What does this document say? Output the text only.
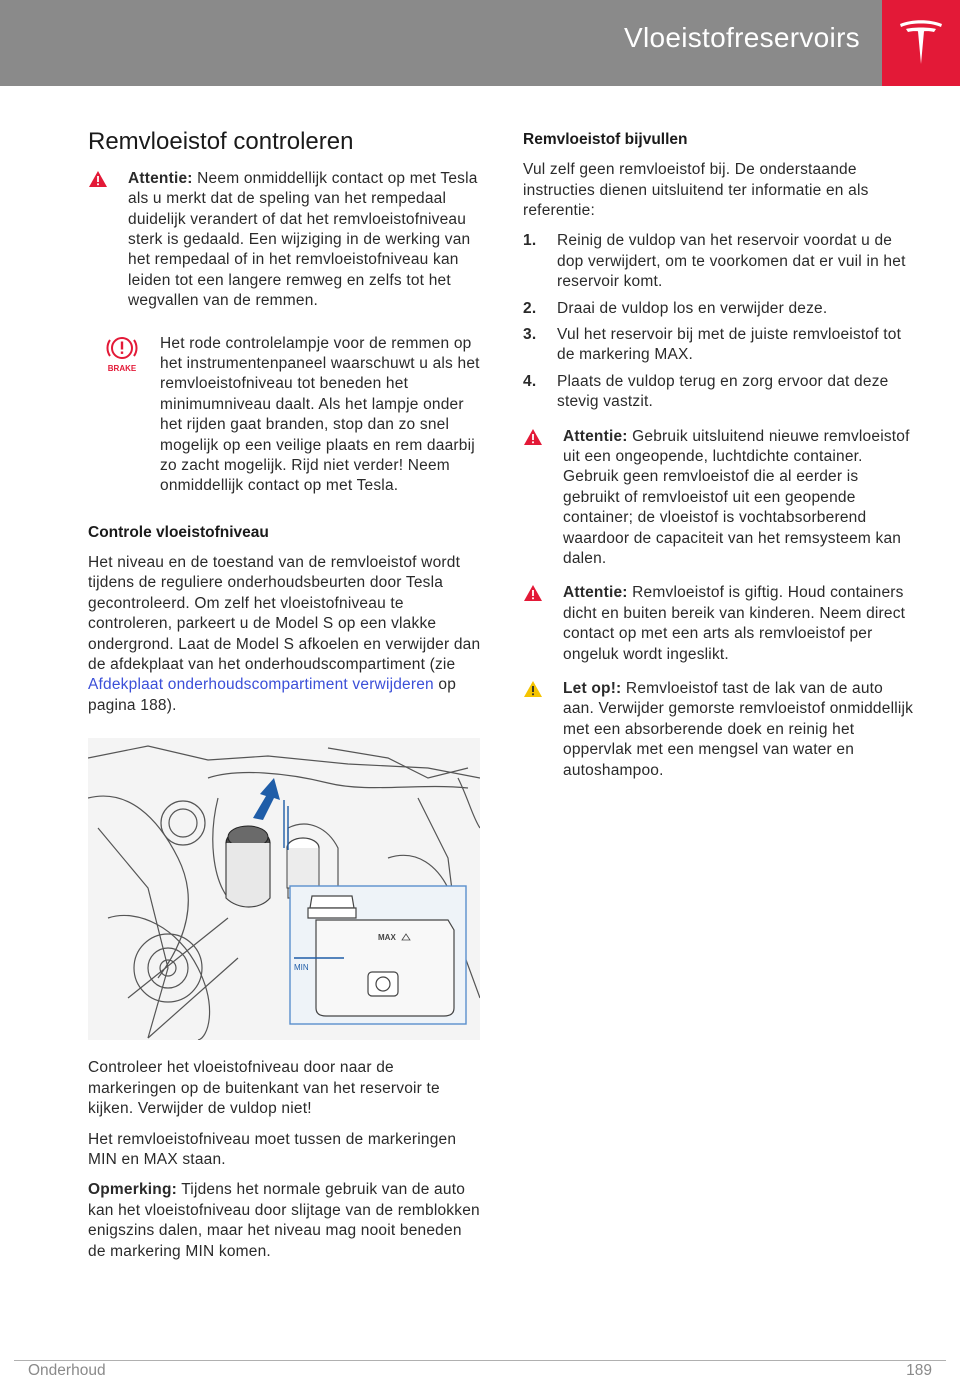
Vloeistofreservoirs
Remvloeistof controleren

Attentie: Neem onmiddellijk contact op met Tesla als u merkt dat de speling van het rempedaal duidelijk verandert of dat het remvloeistofniveau sterk is gedaald. Een wijziging in de werking van het rempedaal of in het remvloeistofniveau kan leiden tot een langere remweg en zelfs tot het wegvallen van de remmen.

BRAKE

Het rode controlelampje voor de remmen op het instrumentenpaneel waarschuwt u als het remvloeistofniveau tot beneden het minimumniveau daalt. Als het lampje onder het rijden gaat branden, stop dan zo snel mogelijk op een veilige plaats en rem daarbij zo zacht mogelijk. Rijd niet verder! Neem onmiddellijk contact op met Tesla.

Controle vloeistofniveau

Het niveau en de toestand van de remvloeistof wordt tijdens de reguliere onderhoudsbeurten door Tesla gecontroleerd. Om zelf het vloeistofniveau te controleren, parkeert u de Model S op een vlakke ondergrond. Laat de Model S afkoelen en verwijder dan de afdekplaat van het onderhoudscompartiment (zie Afdekplaat onderhoudscompartiment verwijderen op pagina 188).

MAX
MIN

Controleer het vloeistofniveau door naar de markeringen op de buitenkant van het reservoir te kijken. Verwijder de vuldop niet!

Het remvloeistofniveau moet tussen de markeringen MIN en MAX staan.

Opmerking: Tijdens het normale gebruik van de auto kan het vloeistofniveau door slijtage van de remblokken enigszins dalen, maar het niveau mag nooit beneden de markering MIN komen.

Remvloeistof bijvullen

Vul zelf geen remvloeistof bij. De onderstaande instructies dienen uitsluitend ter informatie en als referentie:

1. Reinig de vuldop van het reservoir voordat u de dop verwijdert, om te voorkomen dat er vuil in het reservoir komt.
2. Draai de vuldop los en verwijder deze.
3. Vul het reservoir bij met de juiste remvloeistof tot de markering MAX.
4. Plaats de vuldop terug en zorg ervoor dat deze stevig vastzit.

Attentie: Gebruik uitsluitend nieuwe remvloeistof uit een ongeopende, luchtdichte container. Gebruik geen remvloeistof die al eerder is gebruikt of remvloeistof uit een geopende container; de vloeistof is vochtabsorberend waardoor de capaciteit van het remsysteem kan dalen.

Attentie: Remvloeistof is giftig. Houd containers dicht en buiten bereik van kinderen. Neem direct contact op met een arts als remvloeistof per ongeluk wordt ingeslikt.

Let op!: Remvloeistof tast de lak van de auto aan. Verwijder gemorste remvloeistof onmiddellijk met een absorberende doek en reinig het oppervlak met een mengsel van water en autoshampoo.

Onderhoud	189
